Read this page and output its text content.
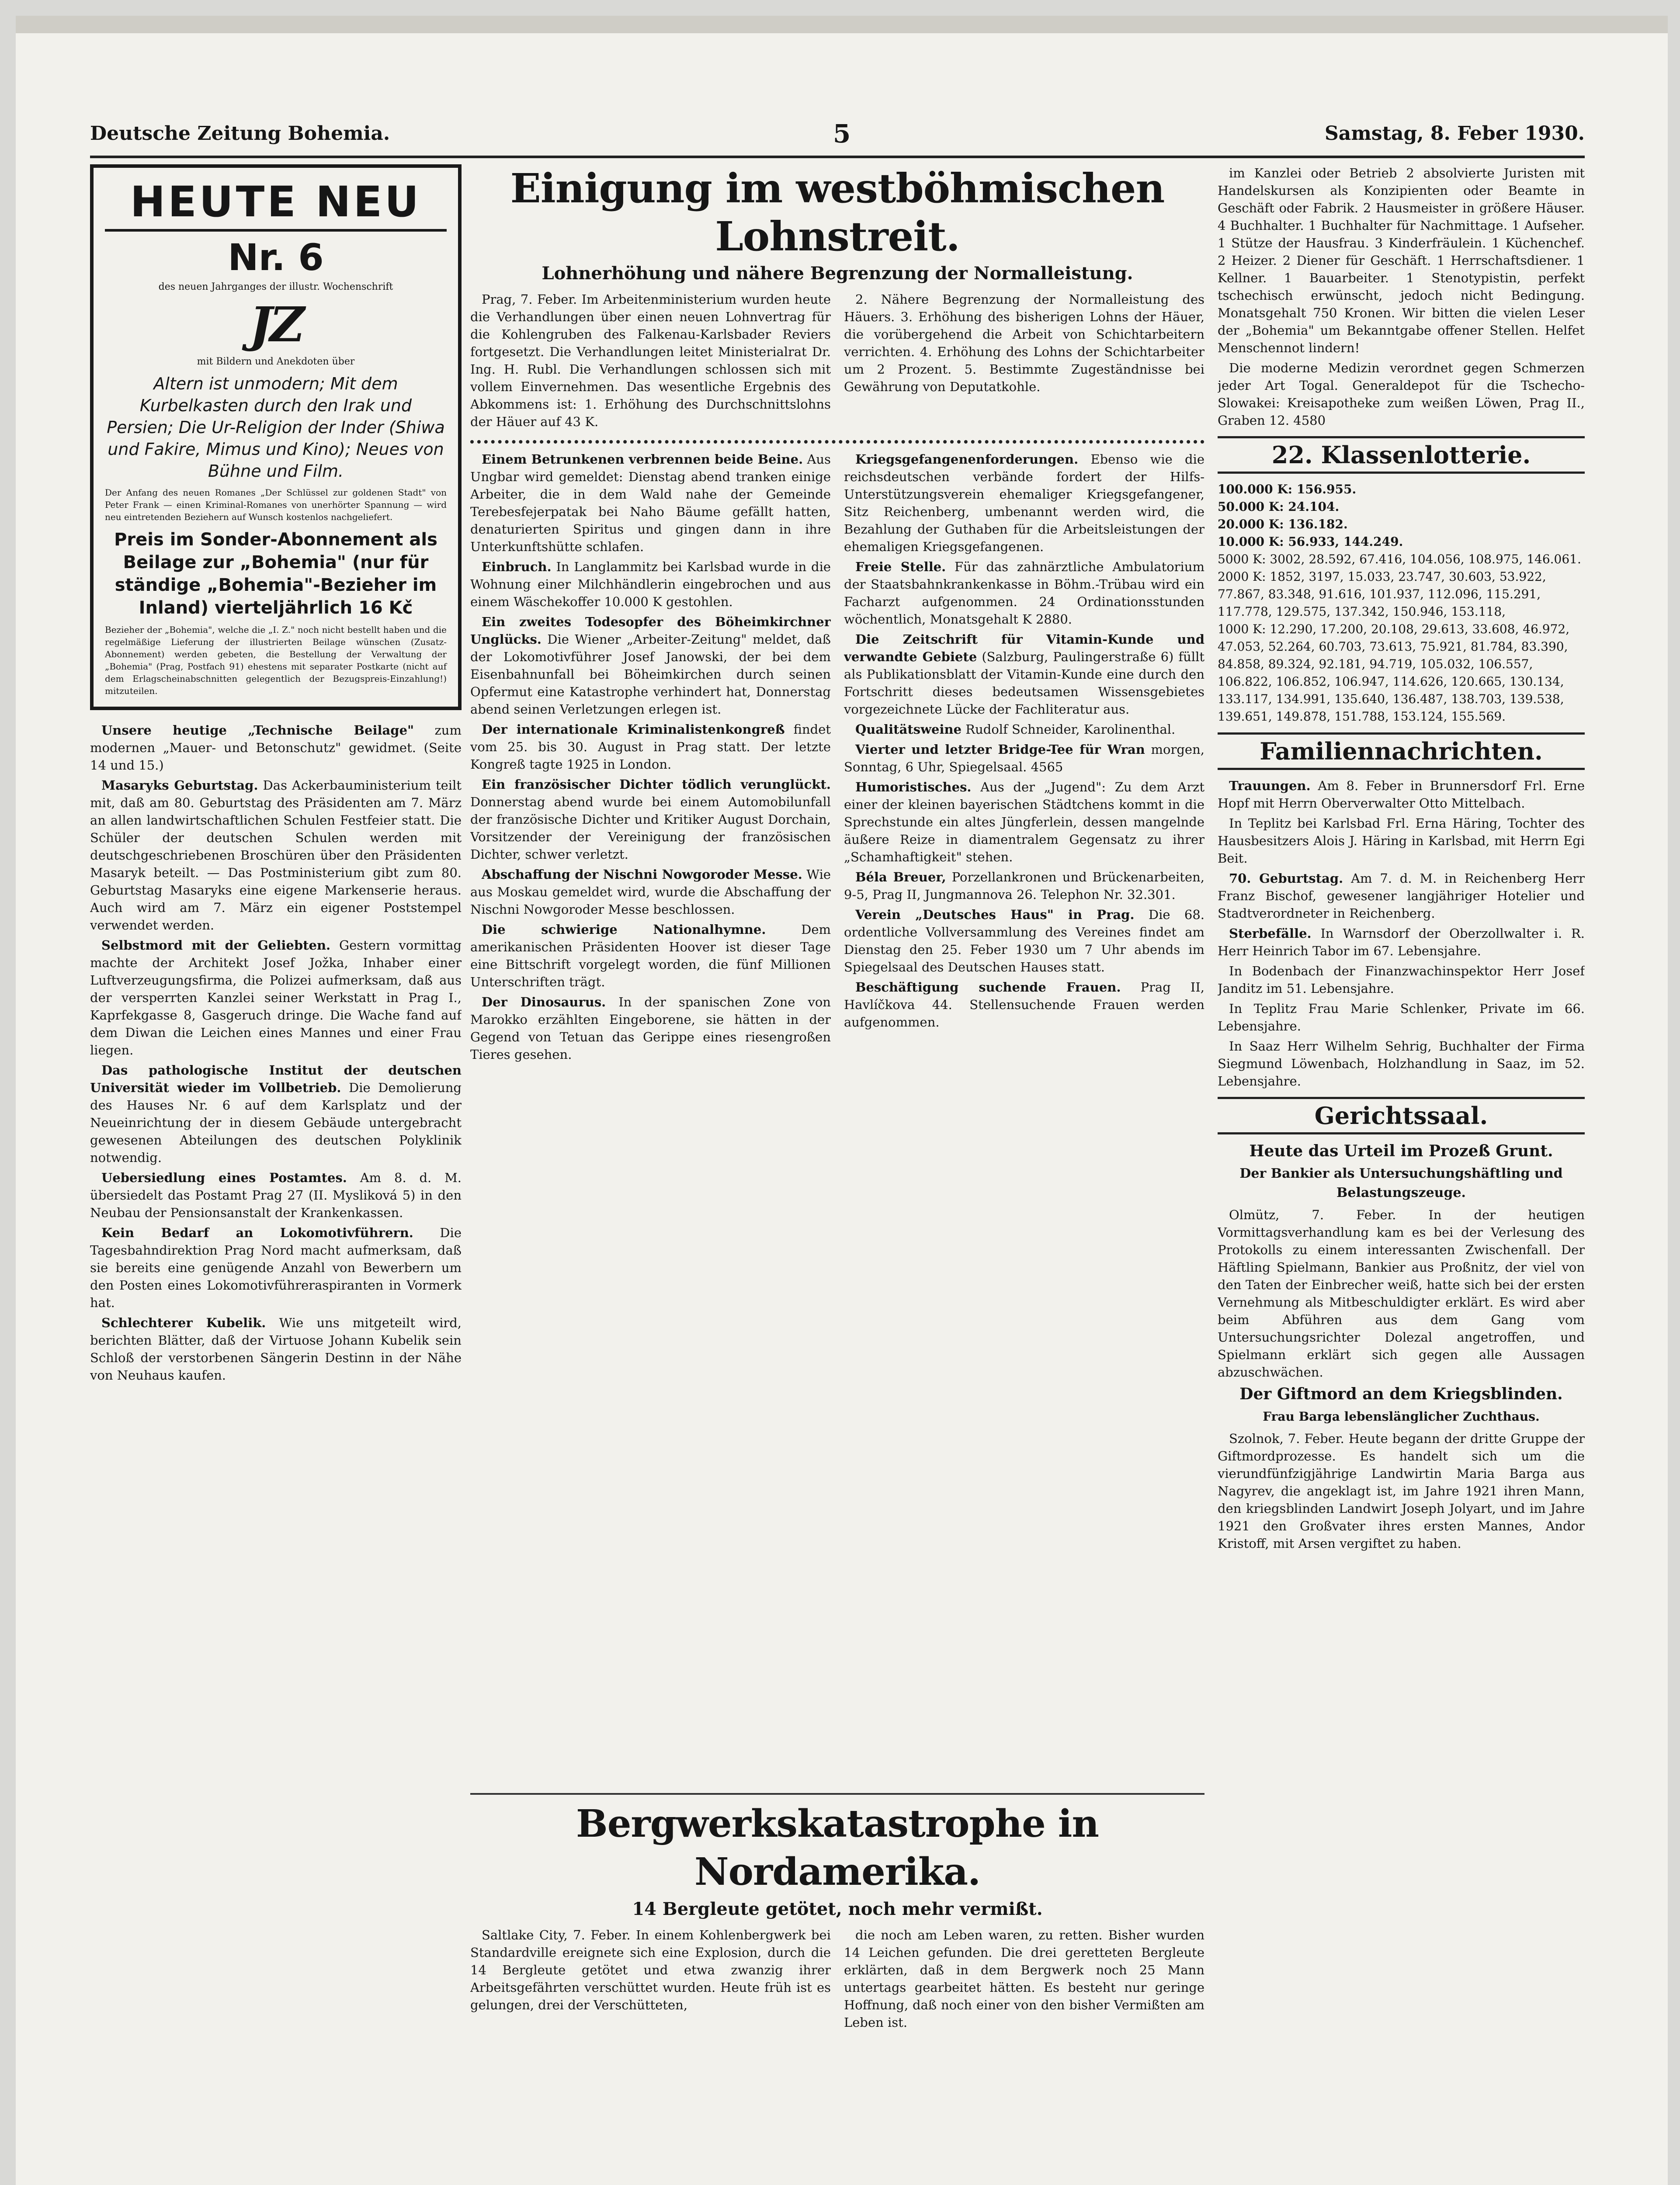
Deutsche Zeitung Bohemia.	5	Samstag, 8. Feber 1930.
HEUTE NEU
Nr. 6
des neuen Jahrganges der illustr. Wochenschrift
JZ
mit Bildern und Anekdoten über
Altern ist unmodern; Mit dem Kurbelkasten durch den Irak und Persien; Die Ur-Religion der Inder (Shiwa und Fakire, Mimus und Kino); Neues von Bühne und Film.
Der Anfang des neuen Romanes „Der Schlüssel zur goldenen Stadt" von Peter Frank — einen Kriminal-Romanes von unerhörter Spannung — wird neu eintretenden Beziehern auf Wunsch kostenlos nachgeliefert.
Preis im Sonder-Abonnement als Beilage zur „Bohemia" (nur für ständige „Bohemia"-Bezieher im Inland) vierteljährlich 16 Kč
Bezieher der „Bohemia", welche die „I. Z." noch nicht bestellt haben und die regelmäßige Lieferung der illustrierten Beilage wünschen (Zusatz-Abonnement) werden gebeten, die Bestellung der Verwaltung der „Bohemia" (Prag, Postfach 91) ehestens mit separater Postkarte (nicht auf dem Erlagscheinabschnitten gelegentlich der Bezugspreis-Einzahlung!) mitzuteilen.

Unsere heutige „Technische Beilage" zum modernen „Mauer- und Betonschutz" gewidmet. (Seite 14 und 15.)

Masaryks Geburtstag. Das Ackerbauministerium teilt mit, daß am 80. Geburtstag des Präsidenten am 7. März an allen landwirtschaftlichen Schulen Festfeier statt. Die Schüler der deutschen Schulen werden mit deutschgeschriebenen Broschüren über den Präsidenten Masaryk beteilt. — Das Postministerium gibt zum 80. Geburtstag Masaryks eine eigene Markenserie heraus. Auch wird am 7. März ein eigener Poststempel verwendet werden.

Selbstmord mit der Geliebten. Gestern vormittag machte der Architekt Josef Jožka, Inhaber einer Luftverzeugungsfirma, die Polizei aufmerksam, daß aus der versperrten Kanzlei seiner Werkstatt in Prag I., Kaprfekgasse 8, Gasgeruch dringe. Die Wache fand auf dem Diwan die Leichen eines Mannes und einer Frau liegen.

Das pathologische Institut der deutschen Universität wieder im Vollbetrieb. Die Demolierung des Hauses Nr. 6 auf dem Karlsplatz und der Neueinrichtung der in diesem Gebäude untergebracht gewesenen Abteilungen des deutschen Polyklinik notwendig.

Uebersiedlung eines Postamtes. Am 8. d. M. übersiedelt das Postamt Prag 27 (II. Mysliková 5) in den Neubau der Pensionsanstalt der Krankenkassen.

Kein Bedarf an Lokomotivführern. Die Tagesbahndirektion Prag Nord macht aufmerksam, daß sie bereits eine genügende Anzahl von Bewerbern um den Posten eines Lokomotivführeraspiranten in Vormerk hat.

Schlechterer Kubelik. Wie uns mitgeteilt wird, berichten Blätter, daß der Virtuose Johann Kubelik sein Schloß der verstorbenen Sängerin Destinn in der Nähe von Neuhaus kaufen.

Einigung im westböhmischen Lohnstreit.
Lohnerhöhung und nähere Begrenzung der Normalleistung.

Prag, 7. Feber. Im Arbeitenministerium wurden heute die Verhandlungen über einen neuen Lohnvertrag für die Kohlengruben des Falkenau-Karlsbader Reviers fortgesetzt. Die Verhandlungen leitet Ministerialrat Dr. Ing. H. Rubl. Die Verhandlungen schlossen sich mit vollem Einvernehmen. Das wesentliche Ergebnis des Abkommens ist: 1. Erhöhung des Durchschnittslohns der Häuer auf 43 K.

2. Nähere Begrenzung der Normalleistung des Häuers. 3. Erhöhung des bisherigen Lohns der Häuer, die vorübergehend die Arbeit von Schichtarbeitern verrichten. 4. Erhöhung des Lohns der Schichtarbeiter um 2 Prozent. 5. Bestimmte Zugeständnisse bei Gewährung von Deputatkohle.

Einem Betrunkenen verbrennen beide Beine. Aus Ungbar wird gemeldet: Dienstag abend tranken einige Arbeiter, die in dem Wald nahe der Gemeinde Terebesfejerpatak bei Naho Bäume gefällt hatten, denaturierten Spiritus und gingen dann in ihre Unterkunftshütte schlafen.

Einbruch. In Langlammitz bei Karlsbad wurde in die Wohnung einer Milchhändlerin eingebrochen und aus einem Wäschekoffer 10.000 K gestohlen.

Ein zweites Todesopfer des Böheimkirchner Unglücks. Die Wiener „Arbeiter-Zeitung" meldet, daß der Lokomotivführer Josef Janowski, der bei dem Eisenbahnunfall bei Böheimkirchen durch seinen Opfermut eine Katastrophe verhindert hat, Donnerstag abend seinen Verletzungen erlegen ist.

Der internationale Kriminalistenkongreß findet vom 25. bis 30. August in Prag statt. Der letzte Kongreß tagte 1925 in London.

Ein französischer Dichter tödlich verunglückt. Donnerstag abend wurde bei einem Automobilunfall der französische Dichter und Kritiker August Dorchain, Vorsitzender der Vereinigung der französischen Dichter, schwer verletzt.

Abschaffung der Nischni Nowgoroder Messe. Wie aus Moskau gemeldet wird, wurde die Abschaffung der Nischni Nowgoroder Messe beschlossen.

Die schwierige Nationalhymne.	Dem amerikanischen Präsidenten Hoover ist dieser Tage eine Bittschrift vorgelegt worden, die fünf Millionen Unterschriften trägt.

Der Dinosaurus. In der spanischen Zone von Marokko erzählten Eingeborene, sie hätten in der Gegend von Tetuan das Gerippe eines riesengroßen Tieres gesehen.

Kriegsgefangenenforderungen. Ebenso wie die reichsdeutschen verbände fordert der Hilfs-Unterstützungsverein ehemaliger Kriegsgefangener, Sitz Reichenberg, umbenannt werden wird, die Bezahlung der Guthaben für die Arbeitsleistungen der ehemaligen Kriegsgefangenen.

Freie Stelle. Für das zahnärztliche Ambulatorium der Staatsbahnkrankenkasse in Böhm.-Trübau wird ein Facharzt aufgenommen. 24 Ordinationsstunden wöchentlich, Monatsgehalt K 2880.

Die Zeitschrift für Vitamin-Kunde und verwandte Gebiete (Salzburg, Paulingerstraße 6) füllt als Publikationsblatt der Vitamin-Kunde eine durch den Fortschritt dieses bedeutsamen Wissensgebietes vorgezeichnete Lücke der Fachliteratur aus.

Qualitätsweine Rudolf Schneider, Karolinenthal.

Vierter und letzter Bridge-Tee für Wran morgen, Sonntag, 6 Uhr, Spiegelsaal. 4565

Humoristisches. Aus der „Jugend": Zu dem Arzt einer der kleinen bayerischen Städtchens kommt in die Sprechstunde ein altes Jüngferlein, dessen mangelnde äußere Reize in diamentralem Gegensatz zu ihrer „Schamhaftigkeit" stehen.

Béla Breuer, Porzellankronen und Brückenarbeiten, 9-5, Prag II, Jungmannova 26. Telephon Nr. 32.301.

Verein „Deutsches Haus" in Prag. Die 68. ordentliche Vollversammlung des Vereines findet am Dienstag den 25. Feber 1930 um 7 Uhr abends im Spiegelsaal des Deutschen Hauses statt.

Beschäftigung suchende Frauen. Prag II, Havlíčkova 44. Stellensuchende Frauen werden aufgenommen.

Bergwerkskatastrophe in Nordamerika.
14 Bergleute getötet, noch mehr vermißt.

Saltlake City, 7. Feber. In einem Kohlenbergwerk bei Standardville ereignete sich eine Explosion, durch die 14 Bergleute getötet und etwa zwanzig ihrer Arbeitsgefährten verschüttet wurden. Heute früh ist es gelungen, drei der Verschütteten,

die noch am Leben waren, zu retten. Bisher wurden 14 Leichen gefunden. Die drei geretteten Bergleute erklärten, daß in dem Bergwerk noch 25 Mann untertags gearbeitet hätten. Es besteht nur geringe Hoffnung, daß noch einer von den bisher Vermißten am Leben ist.

im Kanzlei oder Betrieb 2 absolvierte Juristen mit Handelskursen als Konzipienten oder Beamte in Geschäft oder Fabrik. 2 Hausmeister in größere Häuser. 4 Buchhalter. 1 Buchhalter für Nachmittage. 1 Aufseher. 1 Stütze der Hausfrau. 3 Kinderfräulein. 1 Küchenchef. 2 Heizer. 2 Diener für Geschäft. 1 Herrschaftsdiener. 1 Kellner. 1 Bauarbeiter. 1 Stenotypistin, perfekt tschechisch erwünscht, jedoch nicht Bedingung. Monatsgehalt 750 Kronen. Wir bitten die vielen Leser der „Bohemia" um Bekanntgabe offener Stellen. Helfet Menschennot lindern!

Die moderne Medizin verordnet gegen Schmerzen jeder Art Togal. Generaldepot für die Tschecho-Slowakei: Kreisapotheke zum weißen Löwen, Prag II., Graben 12. 4580

22. Klassenlotterie.
100.000 K: 156.955.
50.000 K: 24.104.
20.000 K: 136.182.
10.000 K: 56.933, 144.249.
5000 K: 3002, 28.592, 67.416, 104.056, 108.975, 146.061.
2000 K: 1852, 3197, 15.033, 23.747, 30.603, 53.922, 77.867, 83.348, 91.616, 101.937, 112.096, 115.291, 117.778, 129.575, 137.342, 150.946, 153.118,
1000 K: 12.290, 17.200, 20.108, 29.613, 33.608, 46.972, 47.053, 52.264, 60.703, 73.613, 75.921, 81.784, 83.390, 84.858, 89.324, 92.181, 94.719, 105.032, 106.557, 106.822, 106.852, 106.947, 114.626, 120.665, 130.134, 133.117, 134.991, 135.640, 136.487, 138.703, 139.538, 139.651, 149.878, 151.788, 153.124, 155.569.
Familiennachrichten.

Trauungen. Am 8. Feber in Brunnersdorf Frl. Erne Hopf mit Herrn Oberverwalter Otto Mittelbach.

In Teplitz bei Karlsbad Frl. Erna Häring, Tochter des Hausbesitzers Alois J. Häring in Karlsbad, mit Herrn Egi Beit.

70. Geburtstag. Am 7. d. M. in Reichenberg Herr Franz Bischof, gewesener langjähriger Hotelier und Stadtverordneter in Reichenberg.

Sterbefälle. In Warnsdorf der Oberzollwalter i. R. Herr Heinrich Tabor im 67. Lebensjahre.

In Bodenbach der Finanzwachinspektor Herr Josef Janditz im 51. Lebensjahre.

In Teplitz Frau Marie Schlenker, Private im 66. Lebensjahre.

In Saaz Herr Wilhelm Sehrig, Buchhalter der Firma Siegmund Löwenbach, Holzhandlung in Saaz, im 52. Lebensjahre.

Gerichtssaal.
Heute das Urteil im Prozeß Grunt.
Der Bankier als Untersuchungshäftling und Belastungszeuge.

Olmütz, 7. Feber. In der heutigen Vormittagsverhandlung kam es bei der Verlesung des Protokolls zu einem interessanten Zwischenfall. Der Häftling Spielmann, Bankier aus Proßnitz, der viel von den Taten der Einbrecher weiß, hatte sich bei der ersten Vernehmung als Mitbeschuldigter erklärt. Es wird aber beim Abführen aus dem Gang vom Untersuchungsrichter Dolezal angetroffen, und Spielmann erklärt sich gegen alle Aussagen abzuschwächen.

Der Giftmord an dem Kriegsblinden.
Frau Barga lebenslänglicher Zuchthaus.

Szolnok, 7. Feber. Heute begann der dritte Gruppe der Giftmordprozesse. Es handelt sich um die vierundfünfzigjährige Landwirtin Maria Barga aus Nagyrev, die angeklagt ist, im Jahre 1921 ihren Mann, den kriegsblinden Landwirt Joseph Jolyart, und im Jahre 1921 den Großvater ihres ersten Mannes, Andor Kristoff, mit Arsen vergiftet zu haben.
